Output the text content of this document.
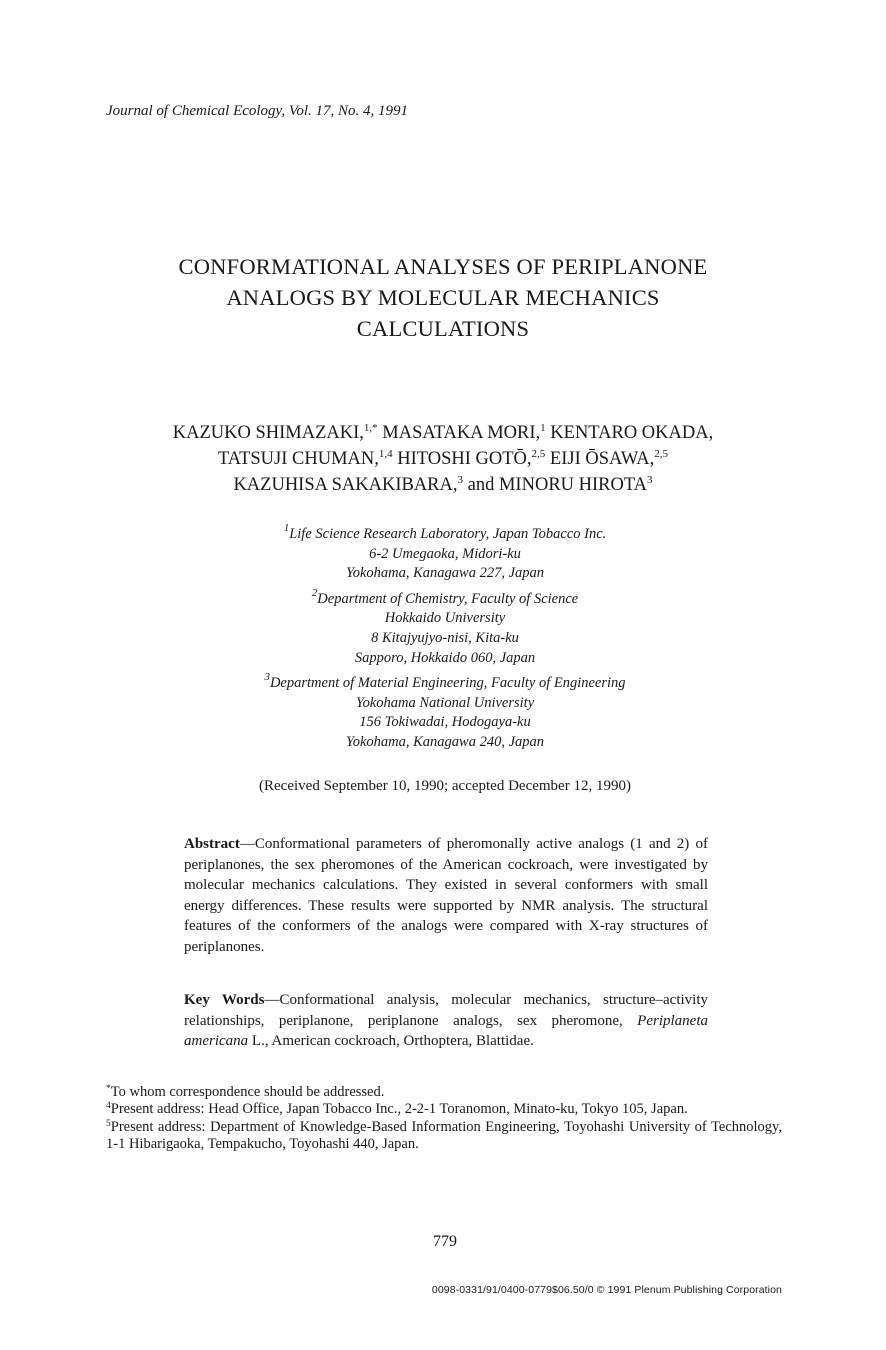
Journal of Chemical Ecology, Vol. 17, No. 4, 1991
CONFORMATIONAL ANALYSES OF PERIPLANONE
ANALOGS BY MOLECULAR MECHANICS
CALCULATIONS
KAZUKO SHIMAZAKI,$^{1,*}$ MASATAKA MORI,$^1$ KENTARO OKADA,
TATSUJI CHUMAN,$^{1,4}$ HITOSHI GOTŌ,$^{2,5}$ EIJI ŌSAWA,$^{2,5}$
KAZUHISA SAKAKIBARA,$^3$ and MINORU HIROTA$^3$
$^1$Life Science Research Laboratory, Japan Tobacco Inc.
6-2 Umegaoka, Midori-ku
Yokohama, Kanagawa 227, Japan
$^2$Department of Chemistry, Faculty of Science
Hokkaido University
8 Kitajyujyo-nisi, Kita-ku
Sapporo, Hokkaido 060, Japan
$^3$Department of Material Engineering, Faculty of Engineering
Yokohama National University
156 Tokiwadai, Hodogaya-ku
Yokohama, Kanagawa 240, Japan
(Received September 10, 1990; accepted December 12, 1990)
Abstract—Conformational parameters of pheromonally active analogs (1 and 2) of periplanones, the sex pheromones of the American cockroach, were investigated by molecular mechanics calculations. They existed in several conformers with small energy differences. These results were supported by NMR analysis. The structural features of the conformers of the analogs were compared with X-ray structures of periplanones.
Key Words—Conformational analysis, molecular mechanics, structure–activity relationships, periplanone, periplanone analogs, sex pheromone, Periplaneta americana L., American cockroach, Orthoptera, Blattidae.
*To whom correspondence should be addressed.
$^4$Present address: Head Office, Japan Tobacco Inc., 2-2-1 Toranomon, Minato-ku, Tokyo 105, Japan.
$^5$Present address: Department of Knowledge-Based Information Engineering, Toyohashi University of Technology, 1-1 Hibarigaoka, Tempakucho, Toyohashi 440, Japan.
779
0098-0331/91/0400-0779$06.50/0 © 1991 Plenum Publishing Corporation
